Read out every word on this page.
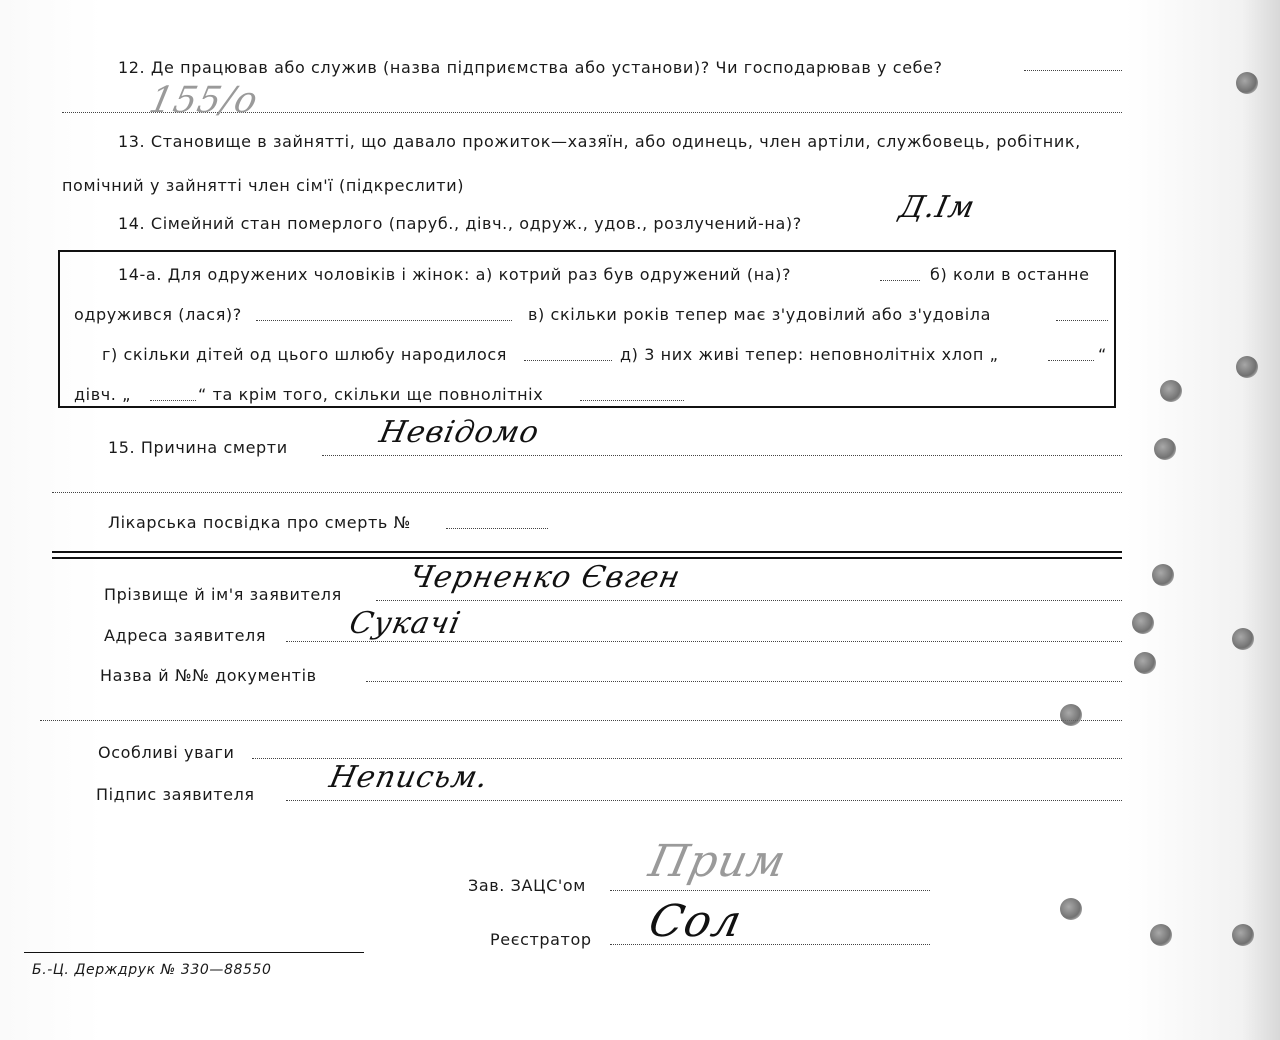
12. Де працював або служив (назва підприємства або установи)? Чи господарював у себе?
155/о
13. Становище в зайнятті, що давало прожиток—хазяїн, або одинець, член артіли, службовець, робітник,
помічний у зайнятті член сім'ї (підкреслити)
14. Сімейний стан померлого (паруб., дівч., одруж., удов., розлучений-на)?	Д.Ім
14-а. Для одружених чоловіків і жінок: а) котрий раз був одружений (на)?	б) коли в останне
одружився (лася)?	в) скільки років тепер має з'удовілий або з'удовіла
г) скільки дітей од цього шлюбу народилося	д) 3 них живі тепер: неповнолітніх хлоп „	“
дівч. „	“ та крім того, скільки ще повнолітніх
15. Причина смерти	Невідомо
Лікарська посвідка про смерть №
Прізвище й ім'я заявителя Черненко Євген
Адреса заявителя	Сукачі
Назва й №№ документів
Особливі уваги
Підпис заявителя Неписьм.
Зав. ЗАЦС'ом Прим
Реєстратор Сол
Б.-Ц. Держдрук № 330—88550
